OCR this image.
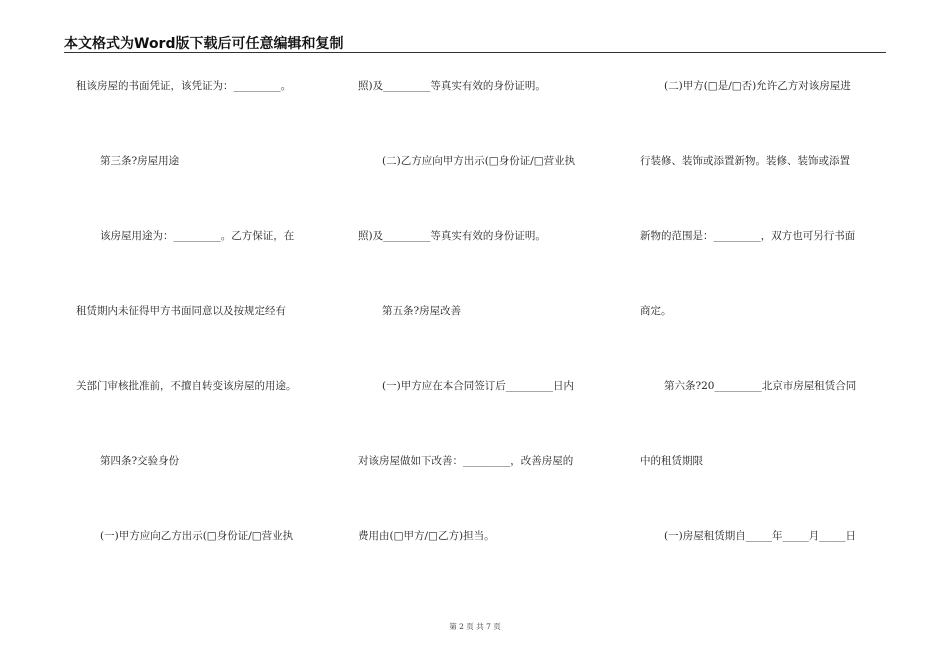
本文格式为Word版下载后可任意编辑和复制
租该房屋的书面凭证，该凭证为：_________。
第三条?房屋用途
该房屋用途为：_________。乙方保证，在
租赁期内未征得甲方书面同意以及按规定经有
关部门审核批准前，不擅自转变该房屋的用途。
第四条?交验身份
(一)甲方应向乙方出示(□身份证/□营业执
照)及_________等真实有效的身份证明。
(二)乙方应向甲方出示(□身份证/□营业执
照)及_________等真实有效的身份证明。
第五条?房屋改善
(一)甲方应在本合同签订后_________日内
对该房屋做如下改善：_________，改善房屋的
费用由(□甲方/□乙方)担当。
(二)甲方(□是/□否)允许乙方对该房屋进
行装修、装饰或添置新物。装修、装饰或添置
新物的范围是：_________，双方也可另行书面
商定。
第六条?20_________北京市房屋租赁合同
中的租赁期限
(一)房屋租赁期自_____年_____月_____日
第 2 页 共 7 页
